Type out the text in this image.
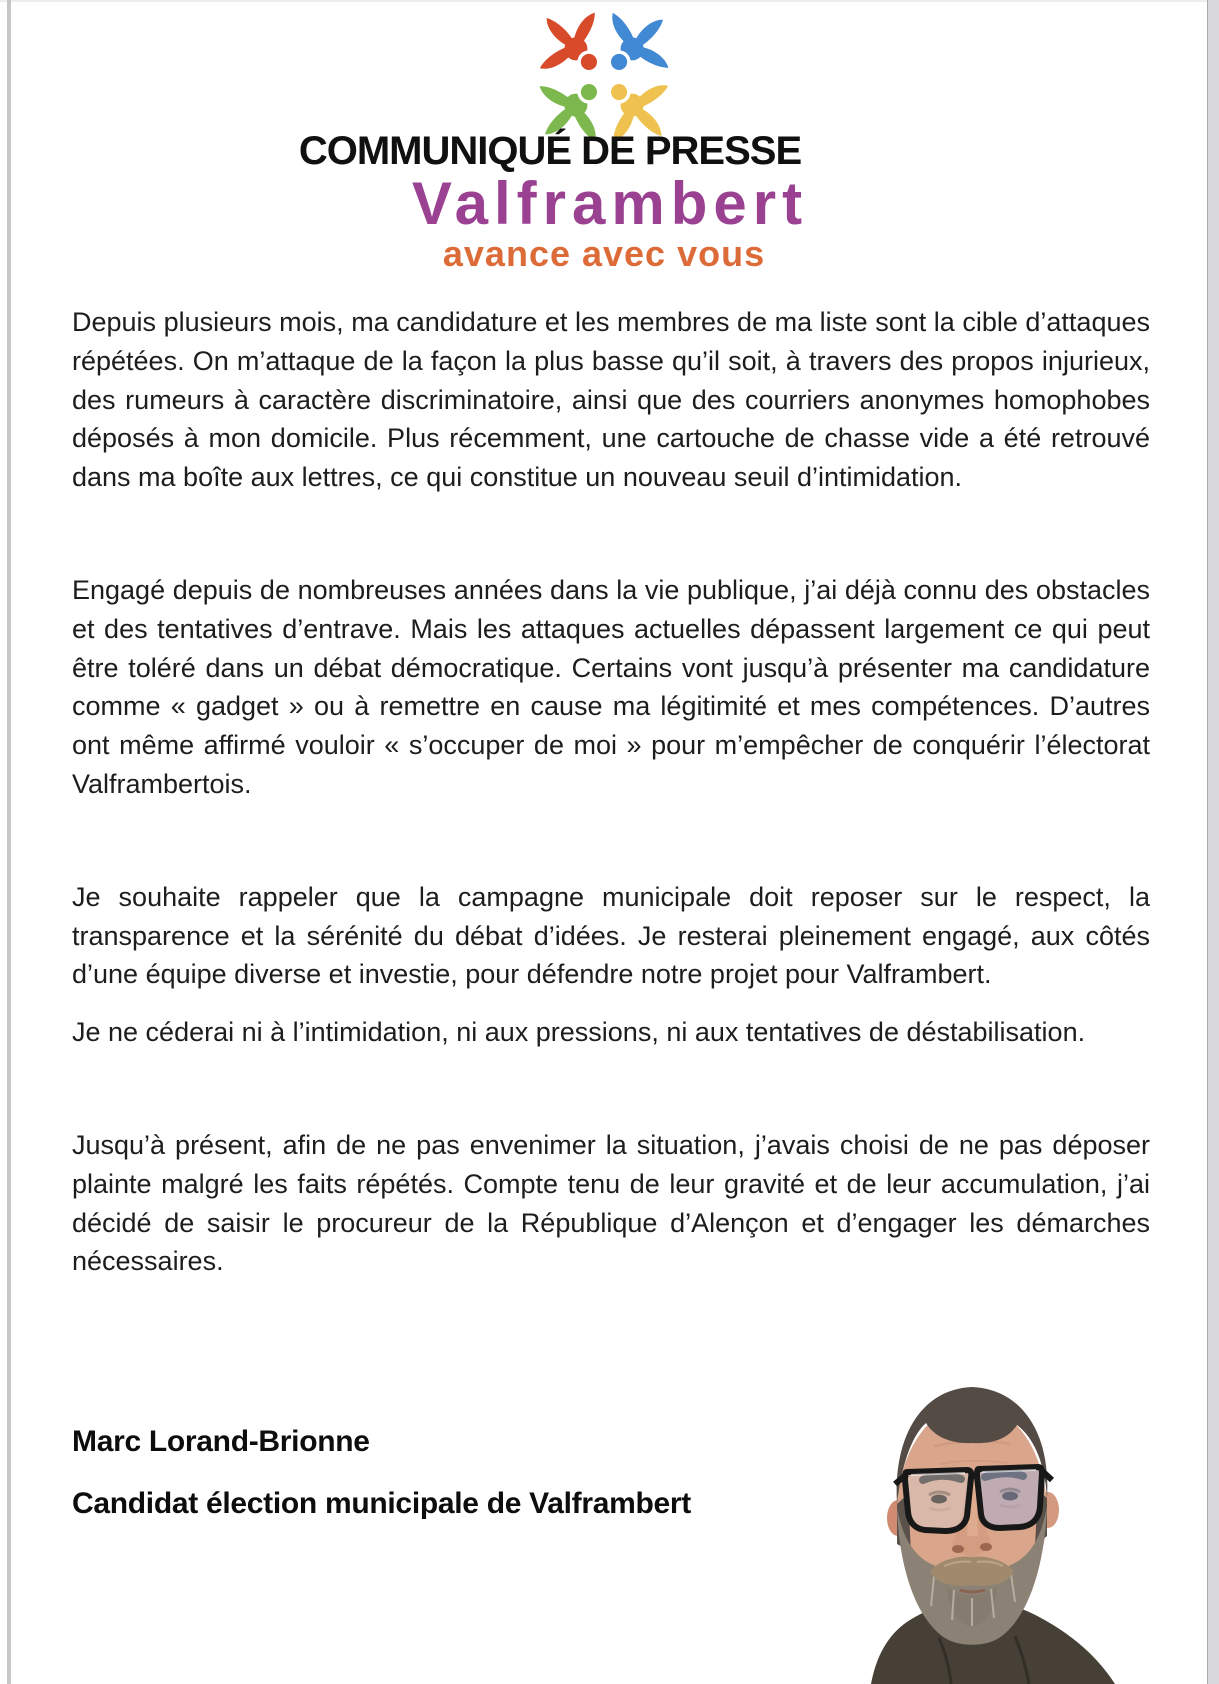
COMMUNIQUÉ DE PRESSE
Valframbert
avance avec vous

Depuis plusieurs mois, ma candidature et les membres de ma liste sont la cible d’attaques répétées. On m’attaque de la façon la plus basse qu’il soit, à travers des propos injurieux, des rumeurs à caractère discriminatoire, ainsi que des courriers anonymes homophobes déposés à mon domicile. Plus récemment, une cartouche de chasse vide a été retrouvé dans ma boîte aux lettres, ce qui constitue un nouveau seuil d’intimidation.

Engagé depuis de nombreuses années dans la vie publique, j’ai déjà connu des obstacles et des tentatives d’entrave. Mais les attaques actuelles dépassent largement ce qui peut être toléré dans un débat démocratique. Certains vont jusqu’à présenter ma candidature comme « gadget » ou à remettre en cause ma légitimité et mes compétences. D’autres ont même affirmé vouloir « s’occuper de moi » pour m’empêcher de conquérir l’électorat Valframbertois.

Je souhaite rappeler que la campagne municipale doit reposer sur le respect, la transparence et la sérénité du débat d’idées. Je resterai pleinement engagé, aux côtés d’une équipe diverse et investie, pour défendre notre projet pour Valframbert.

Je ne céderai ni à l’intimidation, ni aux pressions, ni aux tentatives de déstabilisation.

Jusqu’à présent, afin de ne pas envenimer la situation, j’avais choisi de ne pas déposer plainte malgré les faits répétés. Compte tenu de leur gravité et de leur accumulation, j’ai décidé de saisir le procureur de la République d’Alençon et d’engager les démarches nécessaires.

Marc Lorand-Brionne

Candidat élection municipale de Valframbert
